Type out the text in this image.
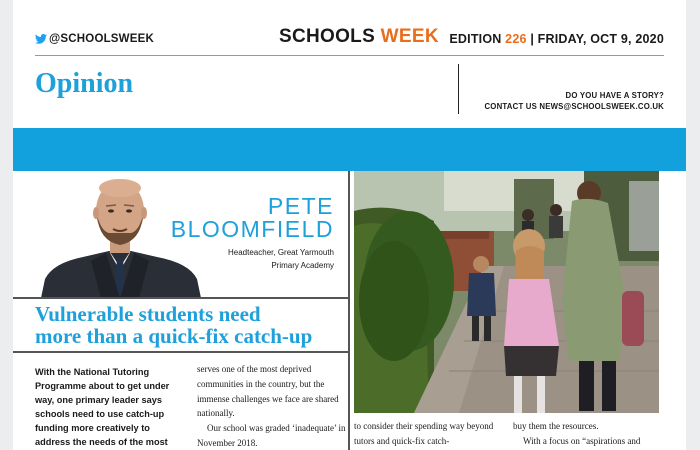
@SCHOOLSWEEK	SCHOOLS WEEK EDITION 226 | FRIDAY, OCT 9, 2020
Opinion	DO YOU HAVE A STORY?
CONTACT US NEWS@SCHOOLSWEEK.CO.UK
PETE
BLOOMFIELD
Headteacher, Great Yarmouth
Primary Academy
Vulnerable students need
more than a quick-fix catch-up
With the National Tutoring Programme about to get under way, one primary leader says schools need to use catch-up funding more creatively to address the needs of the most

serves one of the most deprived communities in the country, but the immense challenges we face are shared nationally.

Our school was graded ‘inadequate’ in November 2018.

to consider their spending way beyond tutors and quick-fix catch-

buy them the resources.

With a focus on “aspirations and
